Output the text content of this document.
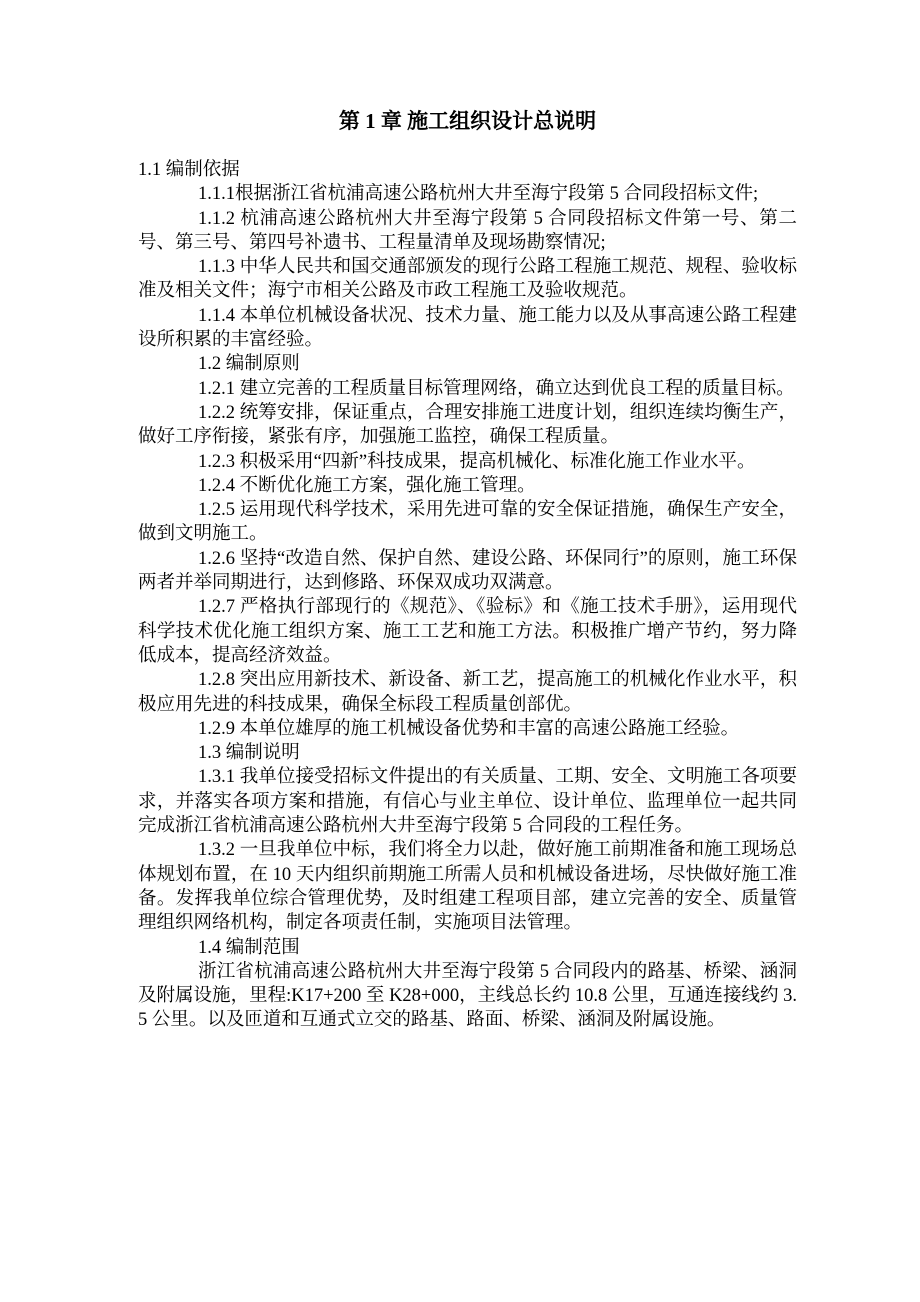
第 1 章 施工组织设计总说明

1.1 编制依据

1.1.1根据浙江省杭浦高速公路杭州大井至海宁段第 5 合同段招标文件;

1.1.2 杭浦高速公路杭州大井至海宁段第 5 合同段招标文件第一号、第二号、第三号、第四号补遗书、工程量清单及现场勘察情况;

1.1.3 中华人民共和国交通部颁发的现行公路工程施工规范、规程、验收标准及相关文件；海宁市相关公路及市政工程施工及验收规范。

1.1.4 本单位机械设备状况、技术力量、施工能力以及从事高速公路工程建设所积累的丰富经验。

1.2 编制原则

1.2.1 建立完善的工程质量目标管理网络，确立达到优良工程的质量目标。

1.2.2 统筹安排，保证重点，合理安排施工进度计划，组织连续均衡生产，做好工序衔接，紧张有序，加强施工监控，确保工程质量。

1.2.3 积极采用“四新”科技成果，提高机械化、标准化施工作业水平。

1.2.4 不断优化施工方案，强化施工管理。

1.2.5 运用现代科学技术，采用先进可靠的安全保证措施，确保生产安全，做到文明施工。

1.2.6 坚持“改造自然、保护自然、建设公路、环保同行”的原则，施工环保两者并举同期进行，达到修路、环保双成功双满意。

1.2.7 严格执行部现行的《规范》、《验标》和《施工技术手册》，运用现代科学技术优化施工组织方案、施工工艺和施工方法。积极推广增产节约，努力降低成本，提高经济效益。

1.2.8 突出应用新技术、新设备、新工艺，提高施工的机械化作业水平，积极应用先进的科技成果，确保全标段工程质量创部优。

1.2.9 本单位雄厚的施工机械设备优势和丰富的高速公路施工经验。

1.3 编制说明

1.3.1 我单位接受招标文件提出的有关质量、工期、安全、文明施工各项要求，并落实各项方案和措施，有信心与业主单位、设计单位、监理单位一起共同完成浙江省杭浦高速公路杭州大井至海宁段第 5 合同段的工程任务。

1.3.2 一旦我单位中标，我们将全力以赴，做好施工前期准备和施工现场总体规划布置，在 10 天内组织前期施工所需人员和机械设备进场，尽快做好施工准备。发挥我单位综合管理优势，及时组建工程项目部，建立完善的安全、质量管理组织网络机构，制定各项责任制，实施项目法管理。

1.4 编制范围

浙江省杭浦高速公路杭州大井至海宁段第 5 合同段内的路基、桥梁、涵洞及附属设施，里程:K17+200 至 K28+000，主线总长约 10.8 公里，互通连接线约 3.5 公里。以及匝道和互通式立交的路基、路面、桥梁、涵洞及附属设施。
